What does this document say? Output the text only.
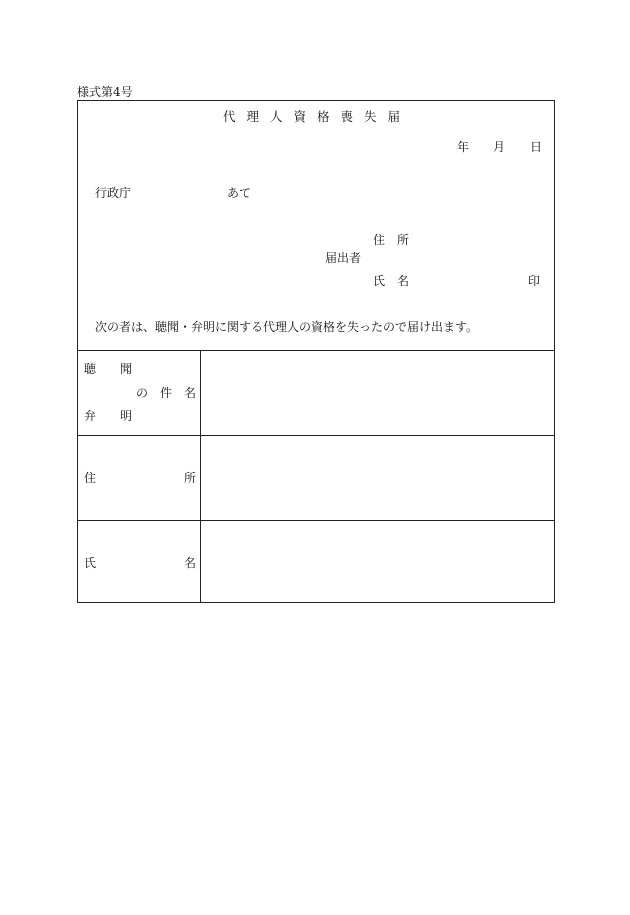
様式第4号
代理人資格喪失届
年 月 日
行政庁	あて
住　所
届出者
氏　名	印
次の者は、聴聞・弁明に関する代理人の資格を失ったので届け出ます。
聴　　聞
の　件　名
弁　　明
住	所
氏	名
